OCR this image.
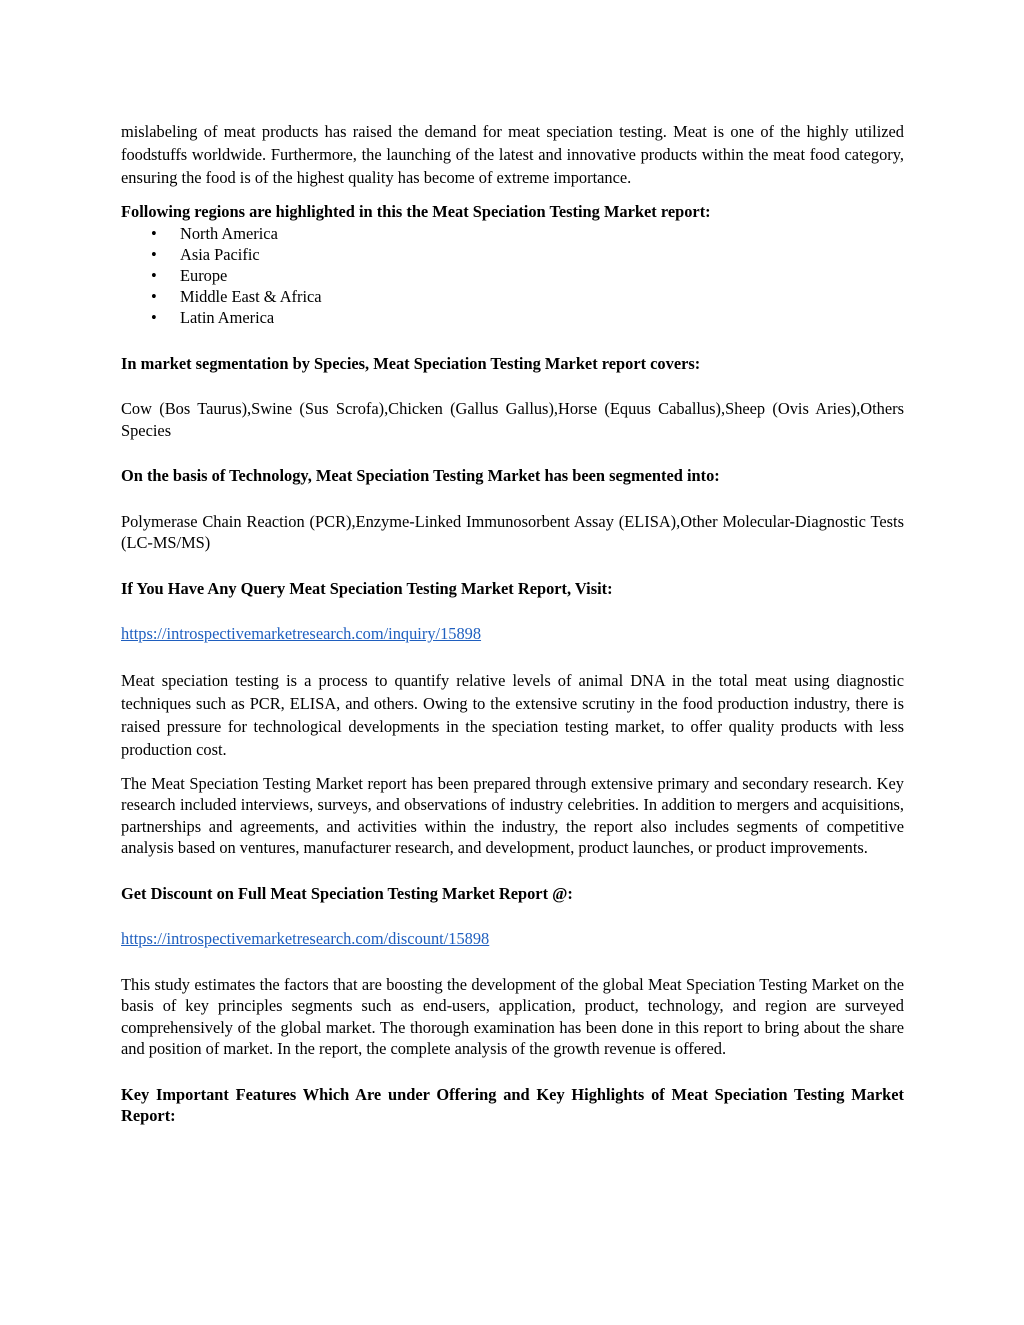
mislabeling of meat products has raised the demand for meat speciation testing. Meat is one of the highly utilized foodstuffs worldwide. Furthermore, the launching of the latest and innovative products within the meat food category, ensuring the food is of the highest quality has become of extreme importance.

Following regions are highlighted in this the Meat Speciation Testing Market report:

• North America
• Asia Pacific
• Europe
• Middle East & Africa
• Latin America

In market segmentation by Species, Meat Speciation Testing Market report covers:

Cow (Bos Taurus),Swine (Sus Scrofa),Chicken (Gallus Gallus),Horse (Equus Caballus),Sheep (Ovis Aries),Others Species

On the basis of Technology, Meat Speciation Testing Market has been segmented into:

Polymerase Chain Reaction (PCR),Enzyme-Linked Immunosorbent Assay (ELISA),Other Molecular-Diagnostic Tests (LC-MS/MS)

If You Have Any Query Meat Speciation Testing Market Report, Visit:

https://introspectivemarketresearch.com/inquiry/15898

Meat speciation testing is a process to quantify relative levels of animal DNA in the total meat using diagnostic techniques such as PCR, ELISA, and others. Owing to the extensive scrutiny in the food production industry, there is raised pressure for technological developments in the speciation testing market, to offer quality products with less production cost.

The Meat Speciation Testing Market report has been prepared through extensive primary and secondary research. Key research included interviews, surveys, and observations of industry celebrities. In addition to mergers and acquisitions, partnerships and agreements, and activities within the industry, the report also includes segments of competitive analysis based on ventures, manufacturer research, and development, product launches, or product improvements.

Get Discount on Full Meat Speciation Testing Market Report @:

https://introspectivemarketresearch.com/discount/15898

This study estimates the factors that are boosting the development of the global Meat Speciation Testing Market on the basis of key principles segments such as end-users, application, product, technology, and region are surveyed comprehensively of the global market. The thorough examination has been done in this report to bring about the share and position of market. In the report, the complete analysis of the growth revenue is offered.

Key Important Features Which Are under Offering and Key Highlights of Meat Speciation Testing Market Report:
